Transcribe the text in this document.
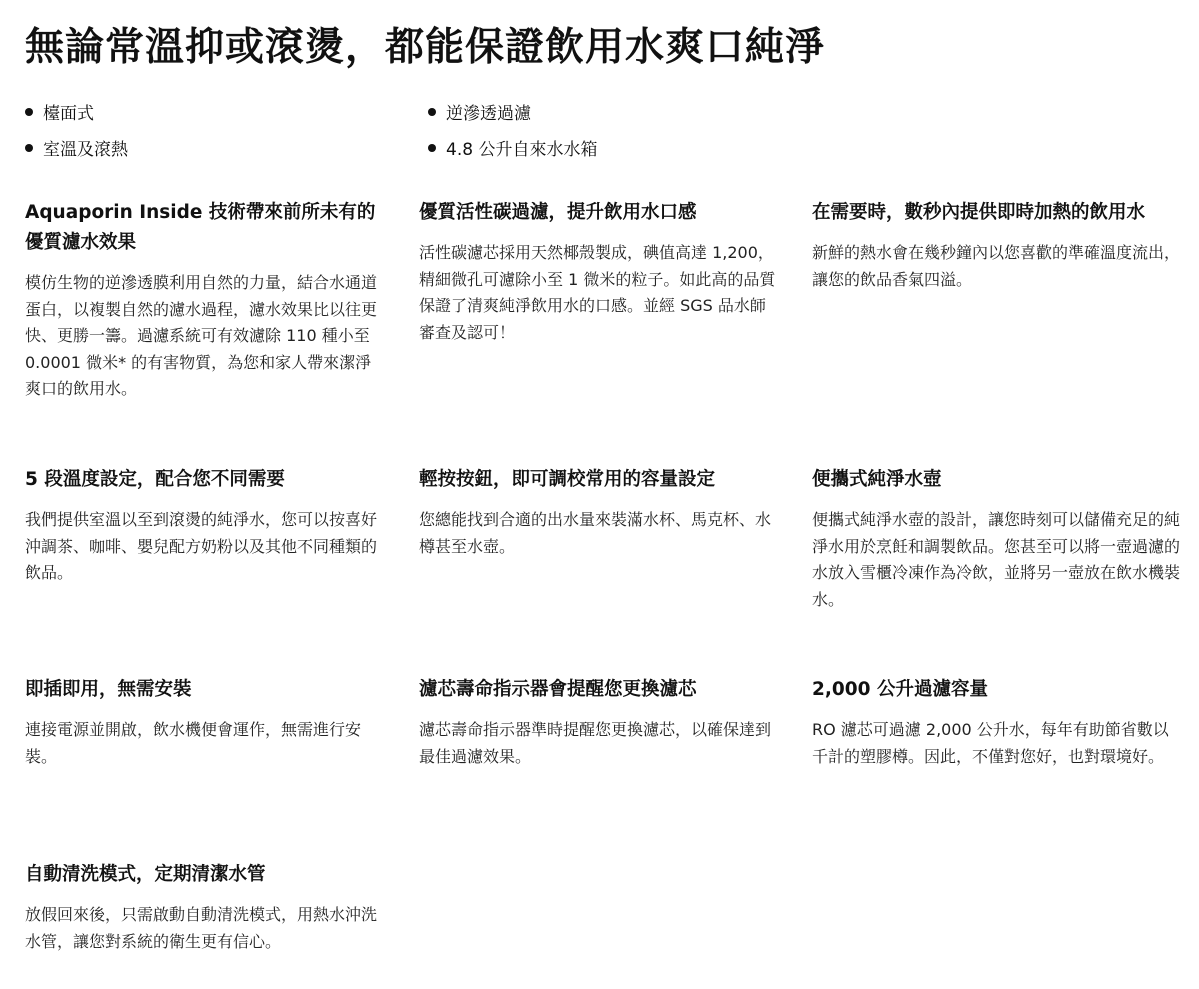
無論常溫抑或滾燙，都能保證飲用水爽口純淨
檯面式
室溫及滾熱
逆滲透過濾
4.8 公升自來水水箱
Aquaporin Inside 技術帶來前所未有的優質濾水效果

模仿生物的逆滲透膜利用自然的力量，結合水通道蛋白，以複製自然的濾水過程，濾水效果比以往更快、更勝一籌。過濾系統可有效濾除 110 種小至 0.0001 微米* 的有害物質，為您和家人帶來潔淨爽口的飲用水。

優質活性碳過濾，提升飲用水口感

活性碳濾芯採用天然椰殼製成，碘值高達 1,200，精細微孔可濾除小至 1 微米的粒子。如此高的品質保證了清爽純淨飲用水的口感。並經 SGS 品水師審查及認可！

在需要時，數秒內提供即時加熱的飲用水

新鮮的熱水會在幾秒鐘內以您喜歡的準確溫度流出，讓您的飲品香氣四溢。

5 段溫度設定，配合您不同需要

我們提供室溫以至到滾燙的純淨水，您可以按喜好沖調茶、咖啡、嬰兒配方奶粉以及其他不同種類的飲品。

輕按按鈕，即可調校常用的容量設定

您總能找到合適的出水量來裝滿水杯、馬克杯、水樽甚至水壺。

便攜式純淨水壺

便攜式純淨水壺的設計，讓您時刻可以儲備充足的純淨水用於烹飪和調製飲品。您甚至可以將一壺過濾的水放入雪櫃冷凍作為冷飲，並將另一壺放在飲水機裝水。

即插即用，無需安裝

連接電源並開啟，飲水機便會運作，無需進行安裝。

濾芯壽命指示器會提醒您更換濾芯

濾芯壽命指示器準時提醒您更換濾芯，以確保達到最佳過濾效果。

2,000 公升過濾容量

RO 濾芯可過濾 2,000 公升水，每年有助節省數以千計的塑膠樽。因此，不僅對您好，也對環境好。

自動清洗模式，定期清潔水管

放假回來後，只需啟動自動清洗模式，用熱水沖洗水管，讓您對系統的衛生更有信心。
